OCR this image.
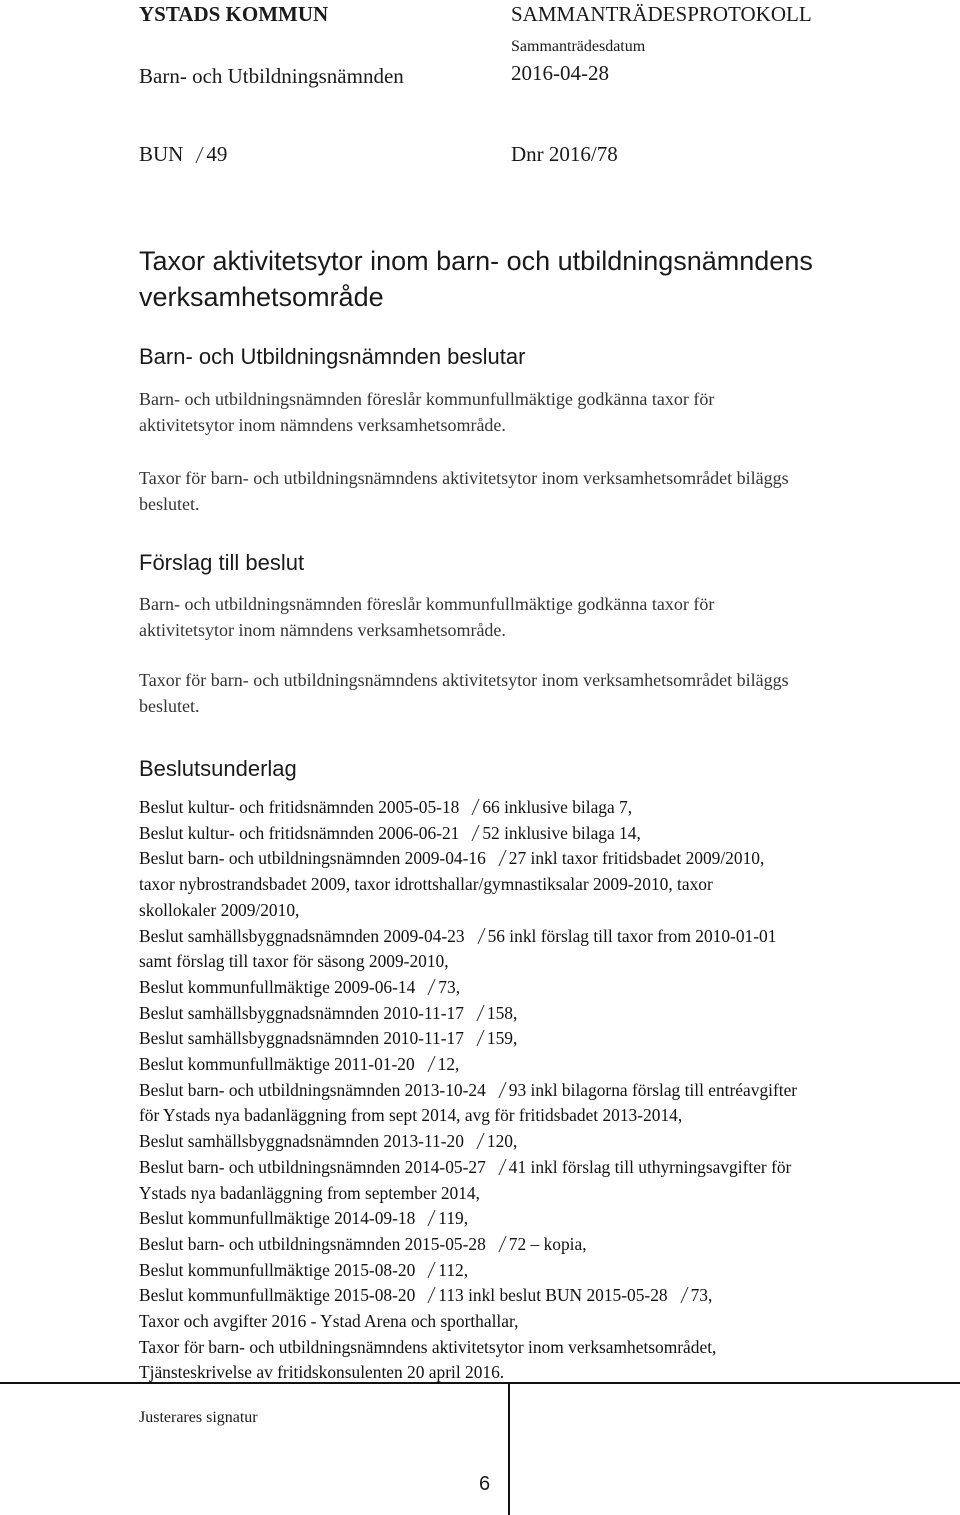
YSTADS KOMMUN
Barn- och Utbildningsnämnden
SAMMANTRÄDESPROTOKOLL
Sammanträdesdatum
2016-04-28
BUN 49	Dnr 2016/78
Taxor aktivitetsytor inom barn- och utbildningsnämndens
verksamhetsområde
Barn- och Utbildningsnämnden beslutar
Barn- och utbildningsnämnden föreslår kommunfullmäktige godkänna taxor för
aktivitetsytor inom nämndens verksamhetsområde.
Taxor för barn- och utbildningsnämndens aktivitetsytor inom verksamhetsområdet biläggs
beslutet.
Förslag till beslut
Barn- och utbildningsnämnden föreslår kommunfullmäktige godkänna taxor för
aktivitetsytor inom nämndens verksamhetsområde.
Taxor för barn- och utbildningsnämndens aktivitetsytor inom verksamhetsområdet biläggs
beslutet.
Beslutsunderlag
Beslut kultur- och fritidsnämnden 2005-05-18 66 inklusive bilaga 7,
Beslut kultur- och fritidsnämnden 2006-06-21 52 inklusive bilaga 14,
Beslut barn- och utbildningsnämnden 2009-04-16 27 inkl taxor fritidsbadet 2009/2010,
taxor nybrostrandsbadet 2009, taxor idrottshallar/gymnastiksalar 2009-2010, taxor
skollokaler 2009/2010,
Beslut samhällsbyggnadsnämnden 2009-04-23 56 inkl förslag till taxor from 2010-01-01
samt förslag till taxor för säsong 2009-2010,
Beslut kommunfullmäktige 2009-06-14 73,
Beslut samhällsbyggnadsnämnden 2010-11-17 158,
Beslut samhällsbyggnadsnämnden 2010-11-17 159,
Beslut kommunfullmäktige 2011-01-20 12,
Beslut barn- och utbildningsnämnden 2013-10-24 93 inkl bilagorna förslag till entréavgifter
för Ystads nya badanläggning from sept 2014, avg för fritidsbadet 2013-2014,
Beslut samhällsbyggnadsnämnden 2013-11-20 120,
Beslut barn- och utbildningsnämnden 2014-05-27 41 inkl förslag till uthyrningsavgifter för
Ystads nya badanläggning from september 2014,
Beslut kommunfullmäktige 2014-09-18 119,
Beslut barn- och utbildningsnämnden 2015-05-28 72 – kopia,
Beslut kommunfullmäktige 2015-08-20 112,
Beslut kommunfullmäktige 2015-08-20 113 inkl beslut BUN 2015-05-28 73,
Taxor och avgifter 2016 - Ystad Arena och sporthallar,
Taxor för barn- och utbildningsnämndens aktivitetsytor inom verksamhetsområdet,
Tjänsteskrivelse av fritidskonsulenten 20 april 2016.
Justerares signatur
6
